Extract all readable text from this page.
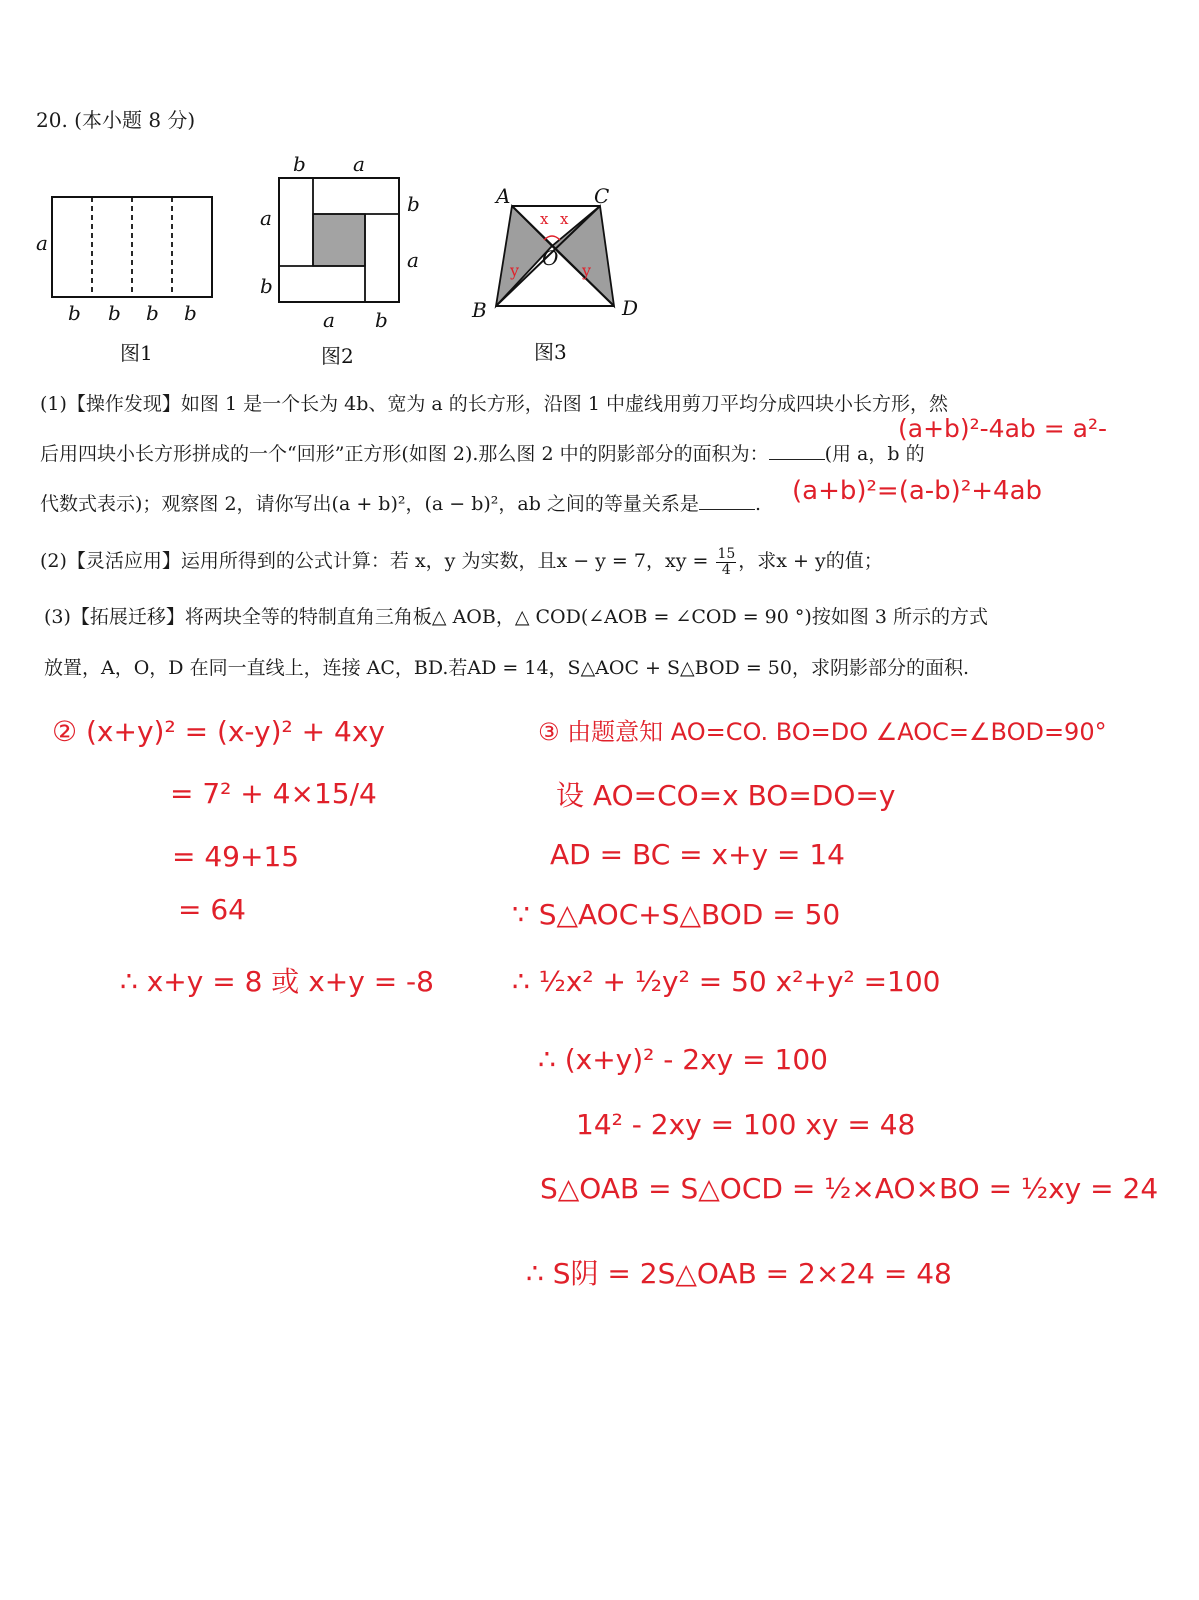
20. (本小题 8 分)
a
b b b b
图1
b a
a
b
b
a
a b
图2
x x
y	y
A	C
O
B	D
图3
(1)【操作发现】如图 1 是一个长为 4b、宽为 a 的长方形，沿图 1 中虚线用剪刀平均分成四块小长方形，然
后用四块小长方形拼成的一个“回形”正方形(如图 2).那么图 2 中的阴影部分的面积为：	(用 a，b 的
代数式表示)；观察图 2，请你写出(a + b)²，(a − b)²，ab 之间的等量关系是	.
(2)【灵活应用】运用所得到的公式计算：若 x，y 为实数，且x − y = 7，xy = $\frac{15}{4}$ ，求x + y的值；
(3)【拓展迁移】将两块全等的特制直角三角板△ AOB，△ COD(∠AOB = ∠COD = 90 °)按如图 3 所示的方式
放置，A，O，D 在同一直线上，连接 AC，BD.若AD = 14，S△AOC + S△BOD = 50，求阴影部分的面积.
(a+b)²-4ab = a²-
(a+b)²=(a-b)²+4ab
② (x+y)² = (x-y)² + 4xy
= 7² + 4×15/4
= 49+15
= 64
∴ x+y = 8 或 x+y = -8
③ 由题意知 AO=CO. BO=DO ∠AOC=∠BOD=90°
设 AO=CO=x BO=DO=y
AD = BC = x+y = 14
∵ S△AOC+S△BOD = 50
∴ ½x² + ½y² = 50 x²+y² =100
∴ (x+y)² - 2xy = 100
14² - 2xy = 100 xy = 48
S△OAB = S△OCD = ½×AO×BO = ½xy = 24
∴ S阴 = 2S△OAB = 2×24 = 48
